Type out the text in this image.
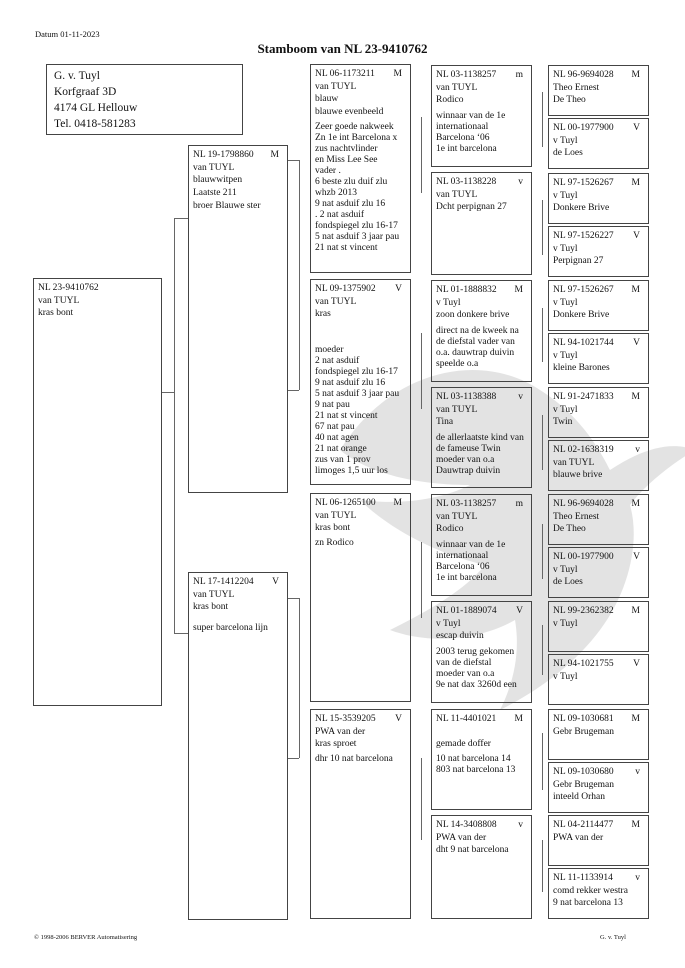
Datum 01-11-2023
Stamboom van NL 23-9410762
G. v. Tuyl
Korfgraaf 3D
4174 GL Hellouw
Tel. 0418-581283
NL 23-9410762
van TUYL
kras bont
NL 19-1798860 M
van TUYL
blauwwitpen
Laatste 211
broer Blauwe ster
NL 17-1412204 V
van TUYL
kras bont
super barcelona lijn
NL 06-1173211 M
van TUYL
blauw
blauwe evenbeeld
Zeer goede nakweek
Zn 1e int Barcelona x
zus nachtvlinder
en Miss Lee See
vader .
6 beste zlu duif zlu
whzb 2013
9 nat asduif zlu 16
. 2 nat asduif
fondspiegel zlu 16-17
5 nat asduif 3 jaar pau
21 nat st vincent
NL 09-1375902 V
van TUYL
kras
moeder
2 nat asduif
fondspiegel zlu 16-17
9 nat asduif zlu 16
5 nat asduif 3 jaar pau
9 nat pau
21 nat st vincent
67 nat pau
40 nat agen
21 nat orange
zus van 1 prov
limoges 1,5 uur los
NL 06-1265100 M
van TUYL
kras bont
zn Rodico
NL 15-3539205 V
PWA van der
kras sproet
dhr 10 nat barcelona
NL 03-1138257 m
van TUYL
Rodico
winnaar van de 1e
internationaal
Barcelona ‘06
1e int barcelona
NL 03-1138228 v
van TUYL
Dcht perpignan 27
NL 01-1888832 M
v Tuyl
zoon donkere brive
direct na de kweek na
de diefstal vader van
o.a. dauwtrap duivin
speelde o.a
NL 03-1138388 v
van TUYL
Tina
de allerlaatste kind van
de fameuse Twin
moeder van o.a
Dauwtrap duivin
NL 03-1138257 m
van TUYL
Rodico
winnaar van de 1e
internationaal
Barcelona ‘06
1e int barcelona
NL 01-1889074 V
v Tuyl
escap duivin
2003 terug gekomen
van de diefstal
moeder van o.a
9e nat dax 3260d een
NL 11-4401021 M
gemade doffer
10 nat barcelona 14
803 nat barcelona 13
NL 14-3408808 v
PWA van der
dht 9 nat barcelona
NL 96-9694028 M
Theo Ernest
De Theo
NL 00-1977900 V
v Tuyl
de Loes
NL 97-1526267 M
v Tuyl
Donkere Brive
NL 97-1526227 V
v Tuyl
Perpignan 27
NL 97-1526267 M
v Tuyl
Donkere Brive
NL 94-1021744 V
v Tuyl
kleine Barones
NL 91-2471833 M
v Tuyl
Twin
NL 02-1638319 v
van TUYL
blauwe brive
NL 96-9694028 M
Theo Ernest
De Theo
NL 00-1977900 V
v Tuyl
de Loes
NL 99-2362382 M
v Tuyl
NL 94-1021755 V
v Tuyl
NL 09-1030681 M
Gebr Brugeman
NL 09-1030680 v
Gebr Brugeman
inteeld Orhan
NL 04-2114477 M
PWA van der
NL 11-1133914 v
comd rekker westra
9 nat barcelona 13
© 1998-2006 BERVER Automatisering	G. v. Tuyl
